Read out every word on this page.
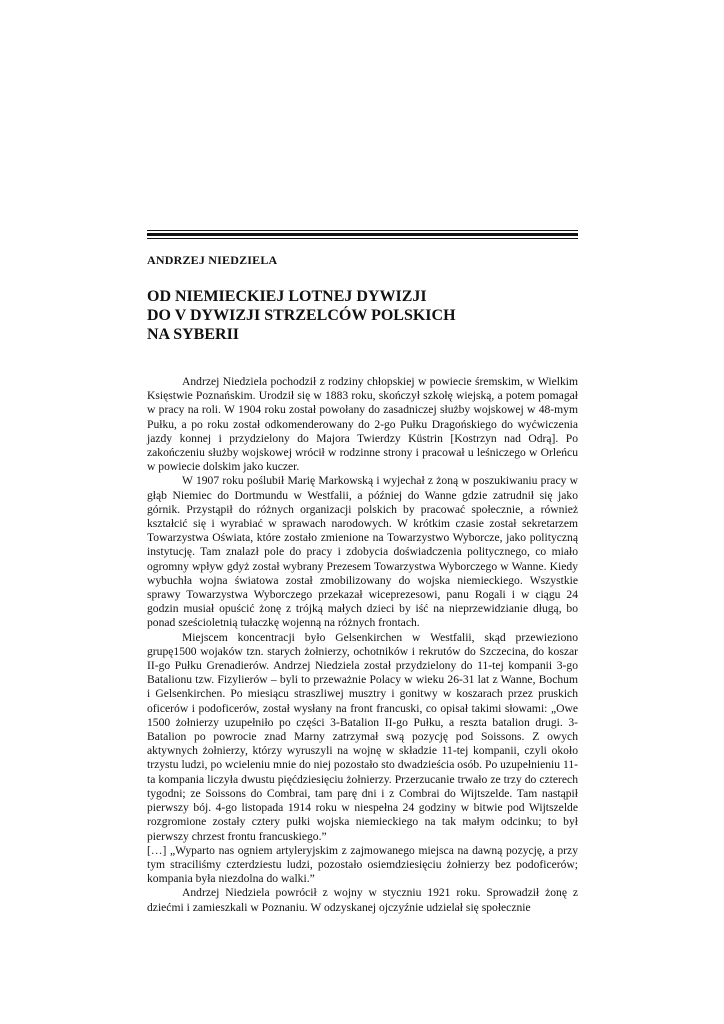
ANDRZEJ NIEDZIELA

OD NIEMIECKIEJ LOTNEJ DYWIZJI
DO V DYWIZJI STRZELCÓW POLSKICH
NA SYBERII

Andrzej Niedziela pochodził z rodziny chłopskiej w powiecie śremskim, w Wielkim Księstwie Poznańskim. Urodził się w 1883 roku, skończył szkołę wiejską, a potem pomagał w pracy na roli. W 1904 roku został powołany do zasadniczej służby wojskowej w 48-mym Pułku, a po roku został odkomenderowany do 2-go Pułku Dragońskiego do wyćwiczenia jazdy konnej i przydzielony do Majora Twierdzy Küstrin [Kostrzyn nad Odrą]. Po zakończeniu służby wojskowej wrócił w rodzinne strony i pracował u leśniczego w Orleńcu w powiecie dolskim jako kuczer.

W 1907 roku poślubił Marię Markowską i wyjechał z żoną w poszukiwaniu pracy w głąb Niemiec do Dortmundu w Westfalii, a później do Wanne gdzie zatrudnił się jako górnik. Przystąpił do różnych organizacji polskich by pracować społecznie, a również kształcić się i wyrabiać w sprawach narodowych. W krótkim czasie został sekretarzem Towarzystwa Oświata, które zostało zmienione na Towarzystwo Wyborcze, jako polityczną instytucję. Tam znalazł pole do pracy i zdobycia doświadczenia politycznego, co miało ogromny wpływ gdyż został wybrany Prezesem Towarzystwa Wyborczego w Wanne. Kiedy wybuchła wojna światowa został zmobilizowany do wojska niemieckiego. Wszystkie sprawy Towarzystwa Wyborczego przekazał wiceprezesowi, panu Rogali i w ciągu 24 godzin musiał opuścić żonę z trójką małych dzieci by iść na nieprzewidzianie długą, bo ponad sześcioletnią tułaczkę wojenną na różnych frontach.

Miejscem koncentracji było Gelsenkirchen w Westfalii, skąd przewieziono grupę1500 wojaków tzn. starych żołnierzy, ochotników i rekrutów do Szczecina, do koszar II-go Pułku Grenadierów. Andrzej Niedziela został przydzielony do 11-tej kompanii 3-go Batalionu tzw. Fizylierów – byli to przeważnie Polacy w wieku 26-31 lat z Wanne, Bochum i Gelsenkirchen. Po miesiącu straszliwej musztry i gonitwy w koszarach przez pruskich oficerów i podoficerów, został wysłany na front francuski, co opisał takimi słowami: „Owe 1500 żołnierzy uzupełniło po części 3-Batalion II-go Pułku, a reszta batalion drugi. 3-Batalion po powrocie znad Marny zatrzymał swą pozycję pod Soissons. Z owych aktywnych żołnierzy, którzy wyruszyli na wojnę w składzie 11-tej kompanii, czyli około trzystu ludzi, po wcieleniu mnie do niej pozostało sto dwadzieścia osób. Po uzupełnieniu 11-ta kompania liczyła dwustu pięćdziesięciu żołnierzy. Przerzucanie trwało ze trzy do czterech tygodni; ze Soissons do Combrai, tam parę dni i z Combrai do Wijtszelde. Tam nastąpił pierwszy bój. 4-go listopada 1914 roku w niespełna 24 godziny w bitwie pod Wijtszelde rozgromione zostały cztery pułki wojska niemieckiego na tak małym odcinku; to był pierwszy chrzest frontu francuskiego.”

[…] „Wyparto nas ogniem artyleryjskim z zajmowanego miejsca na dawną pozycję, a przy tym straciliśmy czterdziestu ludzi, pozostało osiemdziesięciu żołnierzy bez podoficerów; kompania była niezdolna do walki.”

Andrzej Niedziela powrócił z wojny w styczniu 1921 roku. Sprowadził żonę z dziećmi i zamieszkali w Poznaniu. W odzyskanej ojczyźnie udzielał się społecznie
